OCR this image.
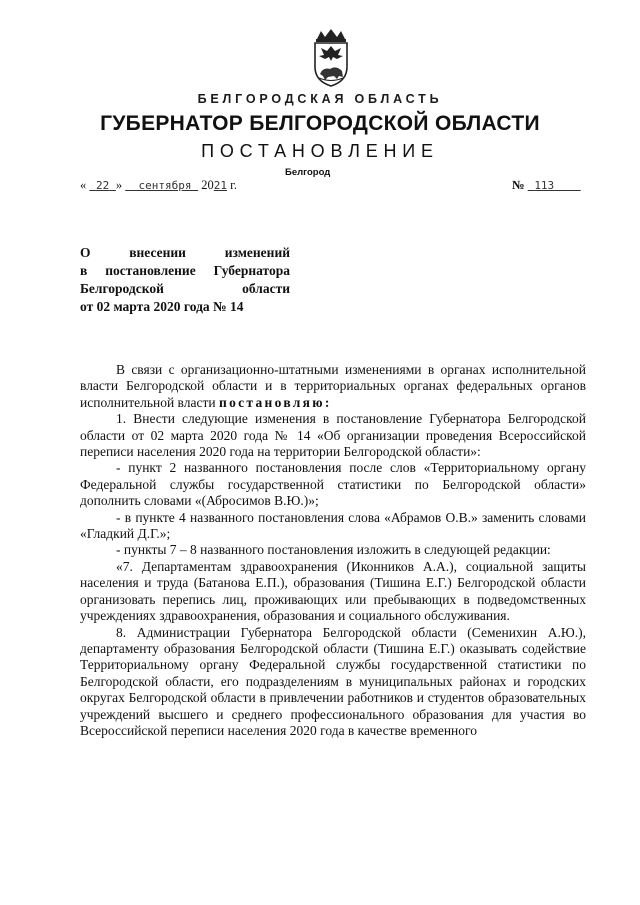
БЕЛГОРОДСКАЯ ОБЛАСТЬ
ГУБЕРНАТОР БЕЛГОРОДСКОЙ ОБЛАСТИ
ПОСТАНОВЛЕНИЕ
Белгород
« 22 » сентября 2021 г.	№ 113
О внесении изменений
в постановление Губернатора
Белгородской области
от 02 марта 2020 года № 14

В связи с организационно-штатными изменениями в органах исполнительной власти Белгородской области и в территориальных органах федеральных органов исполнительной власти постановляю:

1. Внести следующие изменения в постановление Губернатора Белгородской области от 02 марта 2020 года № 14 «Об организации проведения Всероссийской переписи населения 2020 года на территории Белгородской области»:

- пункт 2 названного постановления после слов «Территориальному органу Федеральной службы государственной статистики по Белгородской области» дополнить словами «(Абросимов В.Ю.)»;

- в пункте 4 названного постановления слова «Абрамов О.В.» заменить словами «Гладкий Д.Г.»;

- пункты 7 – 8 названного постановления изложить в следующей редакции:

«7. Департаментам здравоохранения (Иконников А.А.), социальной защиты населения и труда (Батанова Е.П.), образования (Тишина Е.Г.) Белгородской области организовать перепись лиц, проживающих или пребывающих в подведомственных учреждениях здравоохранения, образования и социального обслуживания.

8. Администрации Губернатора Белгородской области (Семенихин А.Ю.), департаменту образования Белгородской области (Тишина Е.Г.) оказывать содействие Территориальному органу Федеральной службы государственной статистики по Белгородской области, его подразделениям в муниципальных районах и городских округах Белгородской области в привлечении работников и студентов образовательных учреждений высшего и среднего профессионального образования для участия во Всероссийской переписи населения 2020 года в качестве временного
